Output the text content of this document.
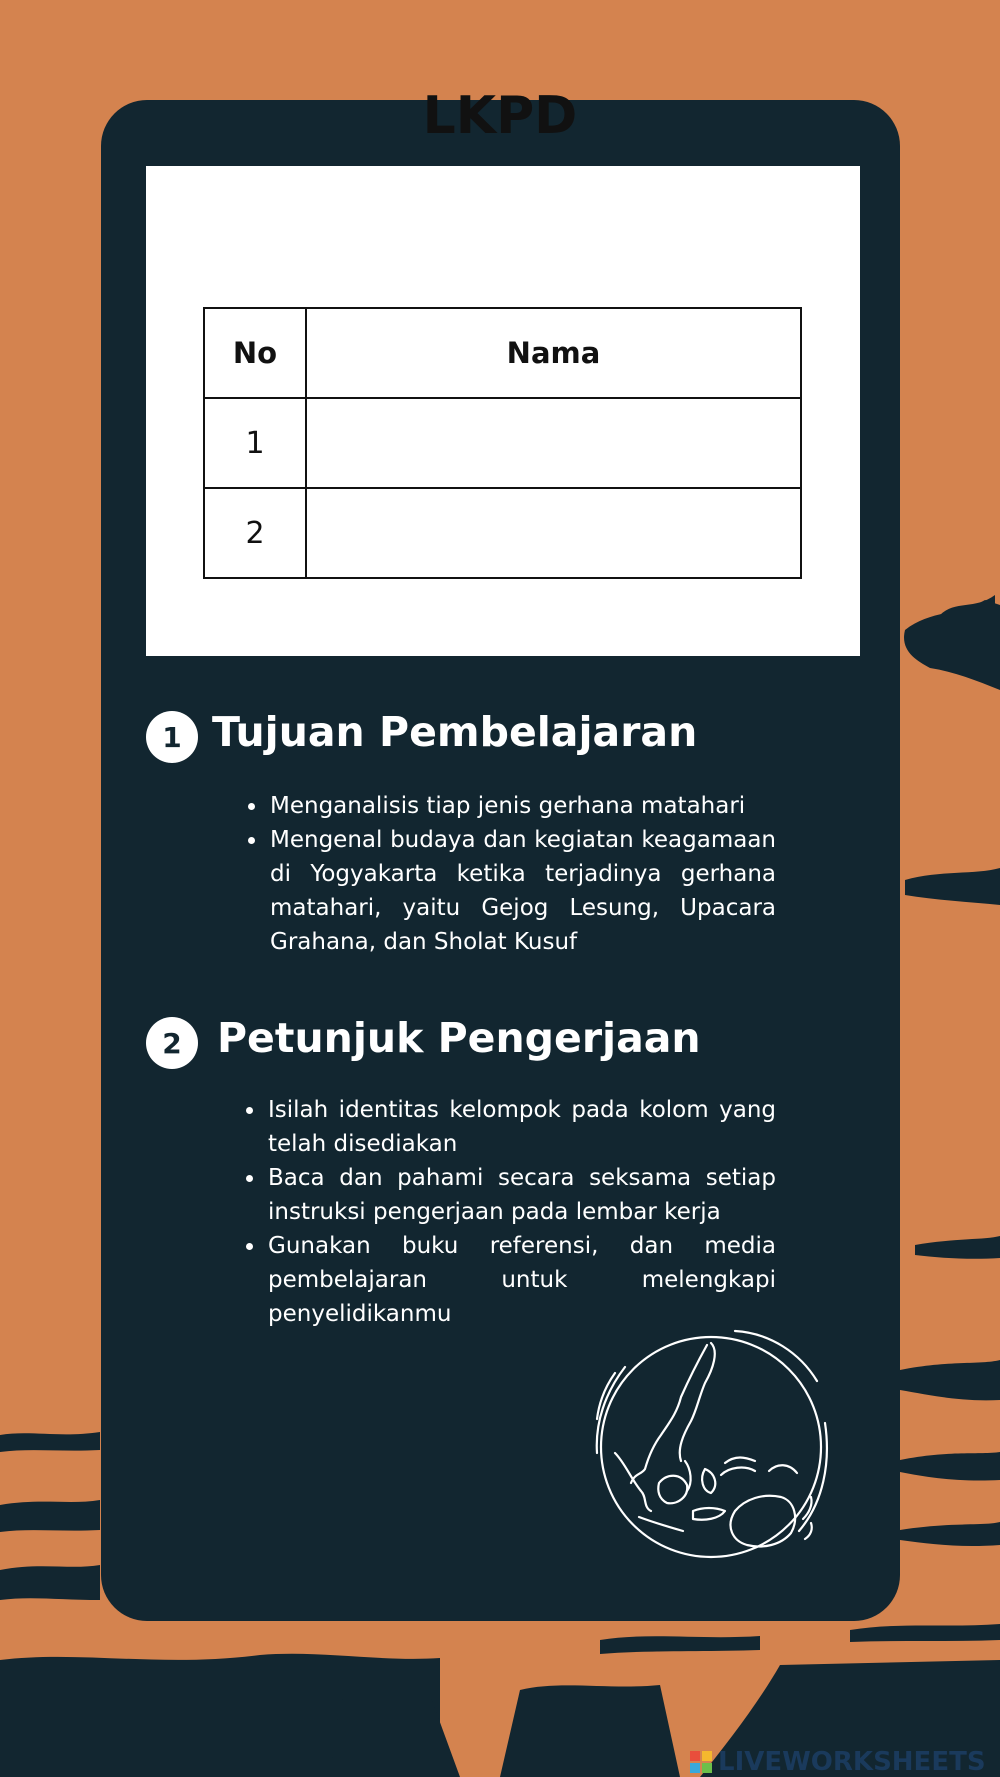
LKPD
No	Nama
1	
2	
1 Tujuan Pembelajaran
• Menganalisis tiap jenis gerhana matahari
• Mengenal budaya dan kegiatan keagamaan di Yogyakarta ketika terjadinya gerhana matahari, yaitu Gejog Lesung, Upacara Grahana, dan Sholat Kusuf
2 Petunjuk Pengerjaan
• Isilah identitas kelompok pada kolom yang telah disediakan
• Baca dan pahami secara seksama setiap instruksi pengerjaan pada lembar kerja
• Gunakan buku referensi, dan media pembelajaran untuk melengkapi penyelidikanmu
LIVEWORKSHEETS
